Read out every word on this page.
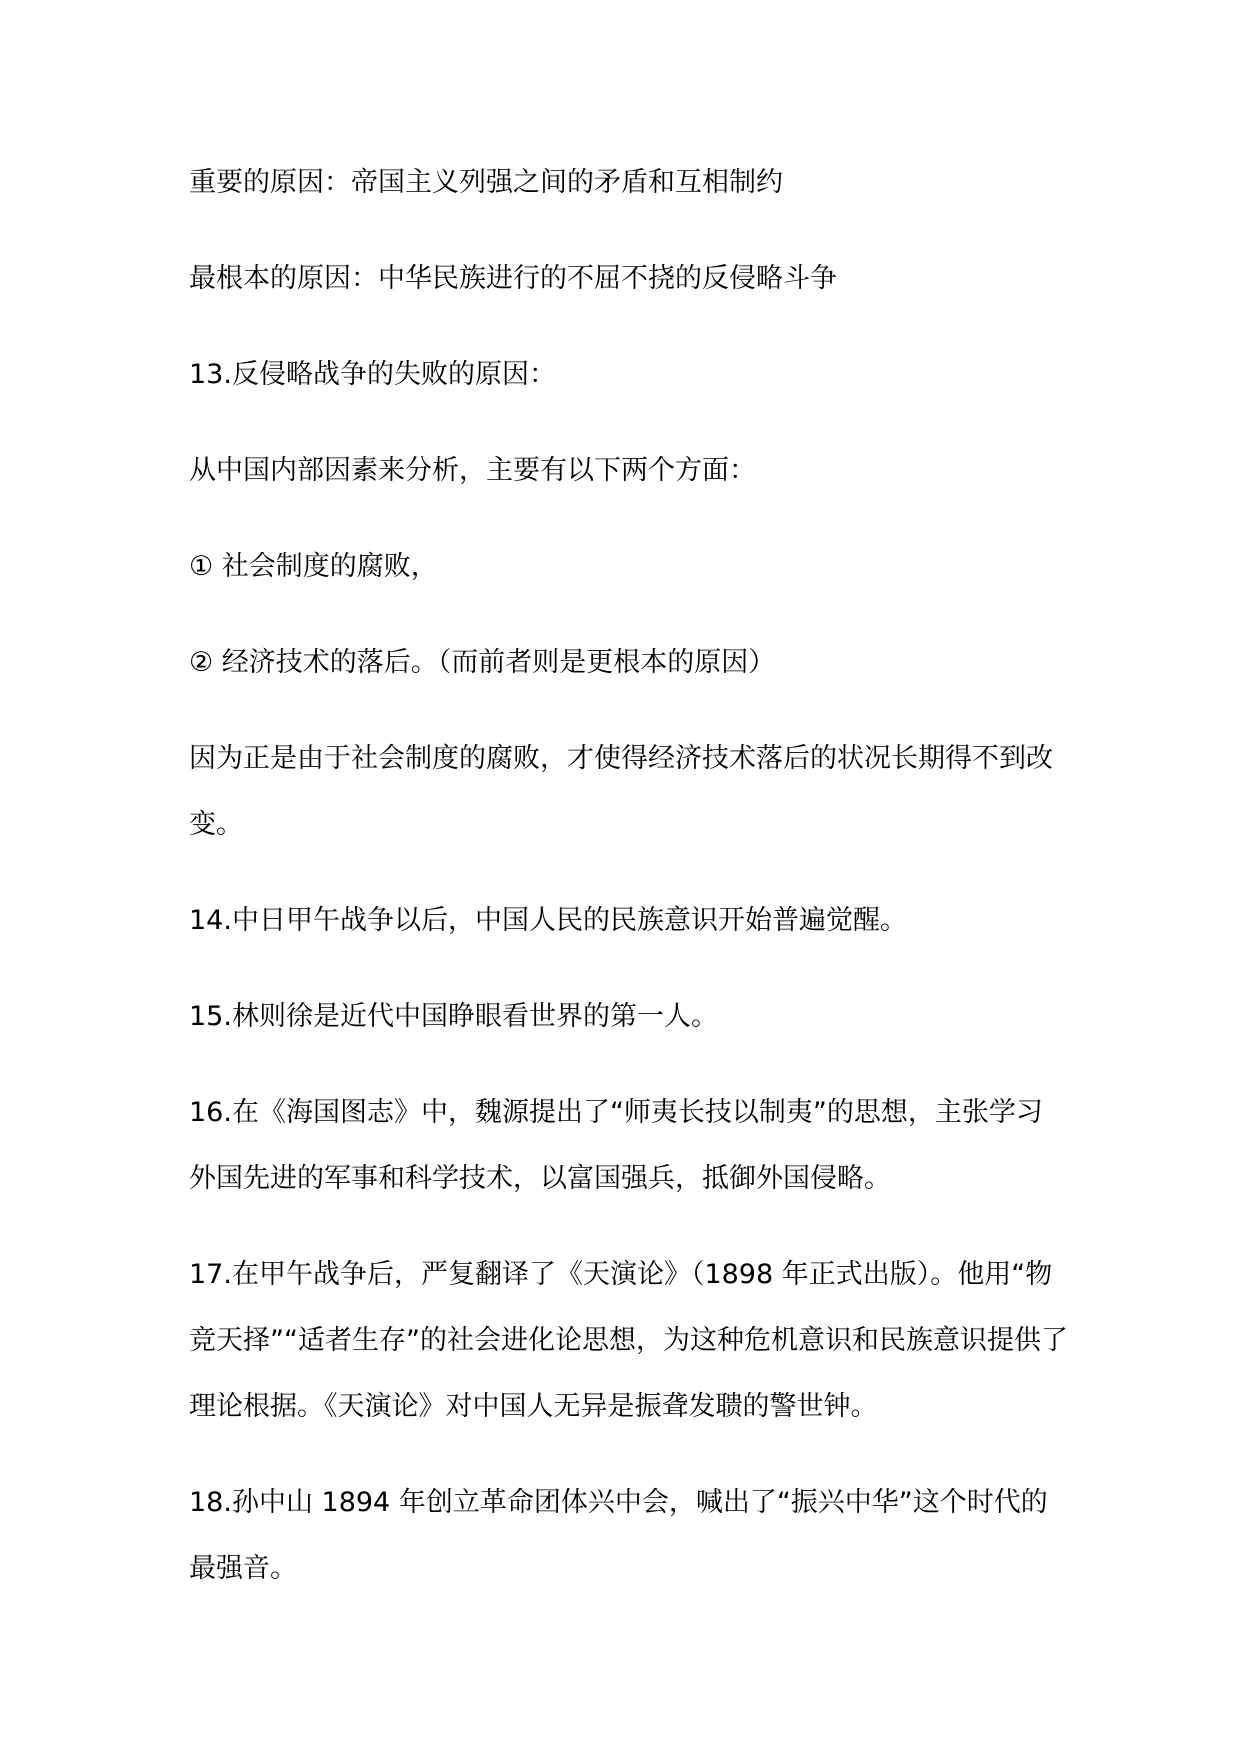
重要的原因：帝国主义列强之间的矛盾和互相制约

最根本的原因：中华民族进行的不屈不挠的反侵略斗争

13.反侵略战争的失败的原因：

从中国内部因素来分析，主要有以下两个方面：

① 社会制度的腐败，

② 经济技术的落后。（而前者则是更根本的原因）

因为正是由于社会制度的腐败，才使得经济技术落后的状况长期得不到改变。

14.中日甲午战争以后，中国人民的民族意识开始普遍觉醒。

15.林则徐是近代中国睁眼看世界的第一人。

16.在《海国图志》中，魏源提出了“师夷长技以制夷”的思想，主张学习外国先进的军事和科学技术，以富国强兵，抵御外国侵略。

17.在甲午战争后，严复翻译了《天演论》（1898 年正式出版）。他用“物竞天择”“适者生存”的社会进化论思想，为这种危机意识和民族意识提供了理论根据。《天演论》对中国人无异是振聋发聩的警世钟。

18.孙中山 1894 年创立革命团体兴中会，喊出了“振兴中华”这个时代的最强音。
